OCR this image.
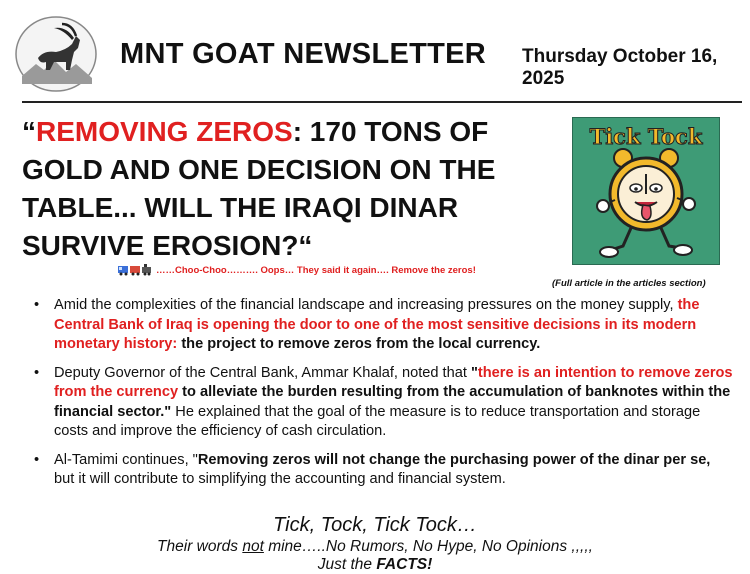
MNT GOAT NEWSLETTER Thursday October 16, 2025
“REMOVING ZEROS: 170 TONS OF GOLD AND ONE DECISION ON THE TABLE... WILL THE IRAQI DINAR SURVIVE EROSION?“
……Choo-Choo………. Oops… They said it again…. Remove the zeros!
Tick Tock
(Full article in the articles section)
• Amid the complexities of the financial landscape and increasing pressures on the money supply, the Central Bank of Iraq is opening the door to one of the most sensitive decisions in its modern monetary history: the project to remove zeros from the local currency.
• Deputy Governor of the Central Bank, Ammar Khalaf, noted that "there is an intention to remove zeros from the currency to alleviate the burden resulting from the accumulation of banknotes within the financial sector." He explained that the goal of the measure is to reduce transportation and storage costs and improve the efficiency of cash circulation.
• Al-Tamimi continues, "Removing zeros will not change the purchasing power of the dinar per se, but it will contribute to simplifying the accounting and financial system.
Tick, Tock, Tick Tock…
Their words not mine…..No Rumors, No Hype, No Opinions ,,,,,
Just the FACTS!
